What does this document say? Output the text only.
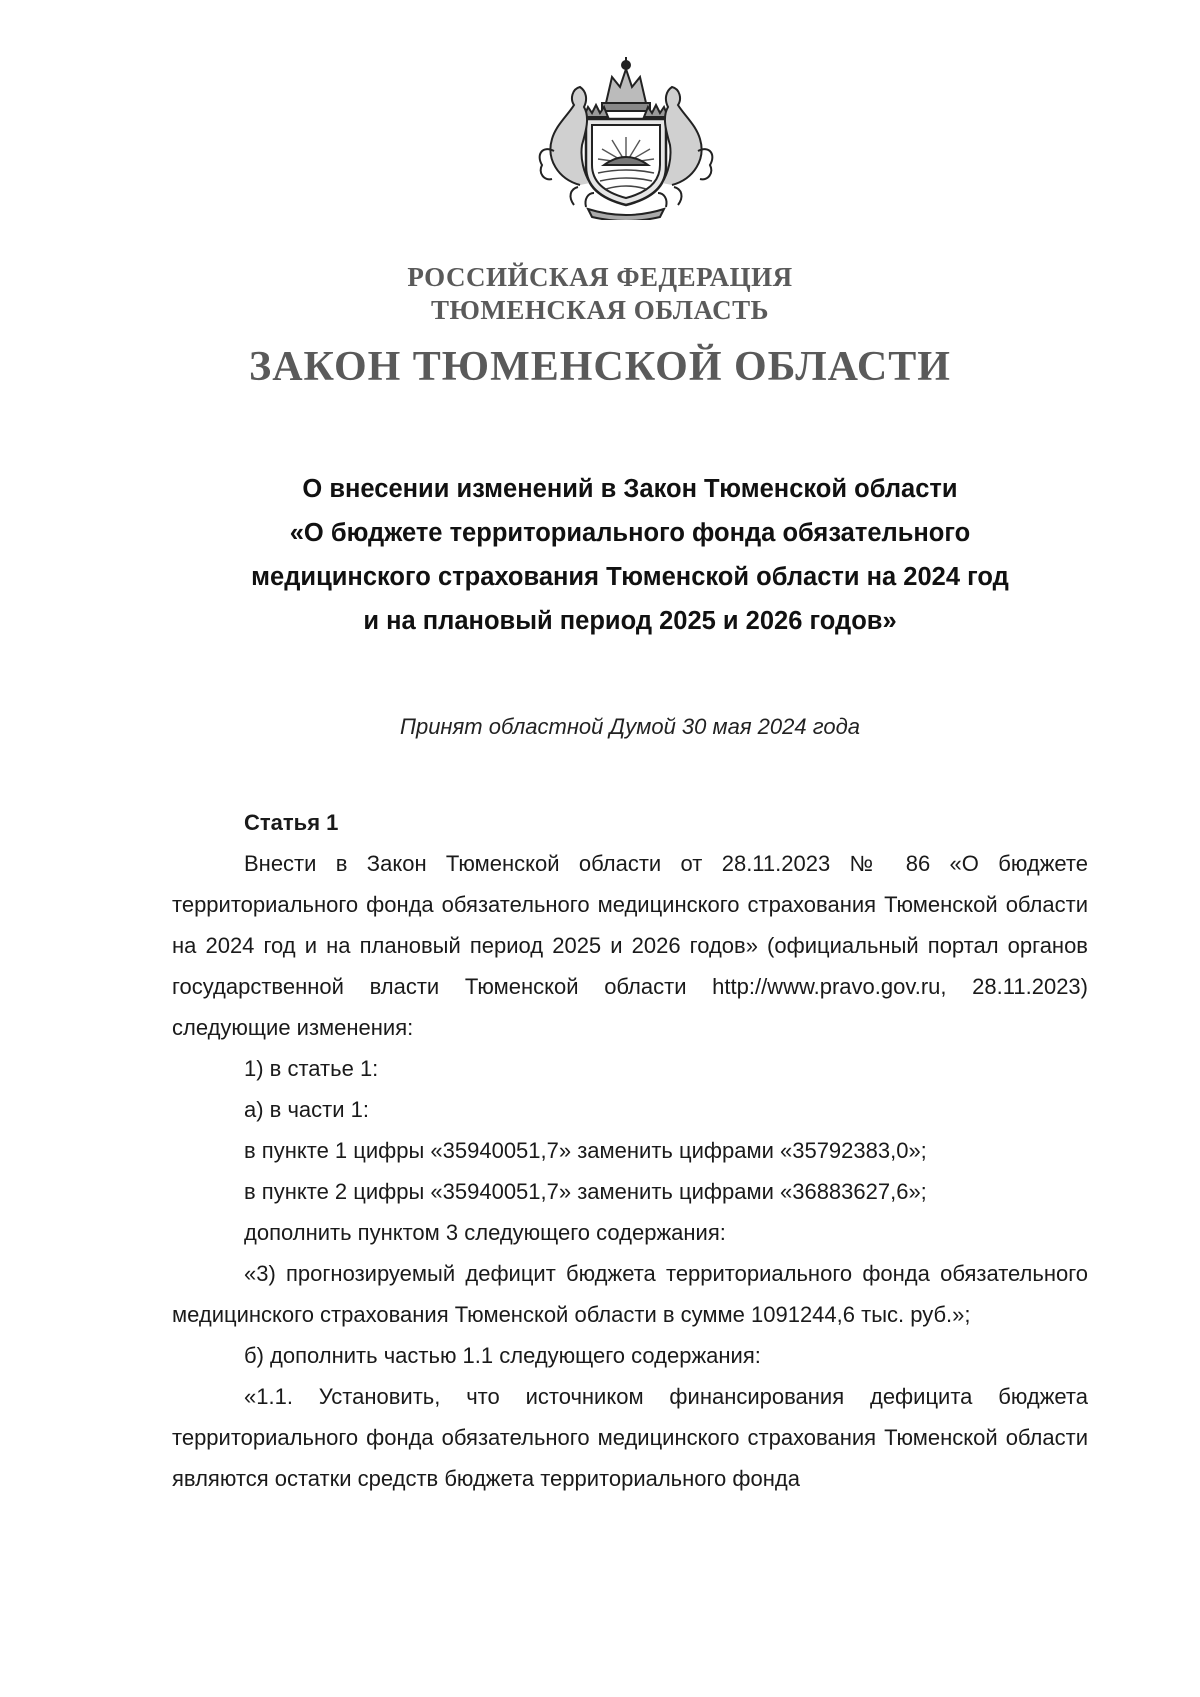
РОССИЙСКАЯ ФЕДЕРАЦИЯ
ТЮМЕНСКАЯ ОБЛАСТЬ
ЗАКОН ТЮМЕНСКОЙ ОБЛАСТИ
О внесении изменений в Закон Тюменской области
«О бюджете территориального фонда обязательного
медицинского страхования Тюменской области на 2024 год
и на плановый период 2025 и 2026 годов»
Принят областной Думой 30 мая 2024 года
Статья 1

Внести в Закон Тюменской области от 28.11.2023 № 86 «О бюджете территориального фонда обязательного медицинского страхования Тюменской области на 2024 год и на плановый период 2025 и 2026 годов» (официальный портал органов государственной власти Тюменской области http://www.pravo.gov.ru, 28.11.2023) следующие изменения:

1) в статье 1:

а) в части 1:

в пункте 1 цифры «35940051,7» заменить цифрами «35792383,0»;

в пункте 2 цифры «35940051,7» заменить цифрами «36883627,6»;

дополнить пунктом 3 следующего содержания:

«3) прогнозируемый дефицит бюджета территориального фонда обязательного медицинского страхования Тюменской области в сумме 1091244,6 тыс. руб.»;

б) дополнить частью 1.1 следующего содержания:

«1.1. Установить, что источником финансирования дефицита бюджета территориального фонда обязательного медицинского страхования Тюменской области являются остатки средств бюджета территориального фонда
